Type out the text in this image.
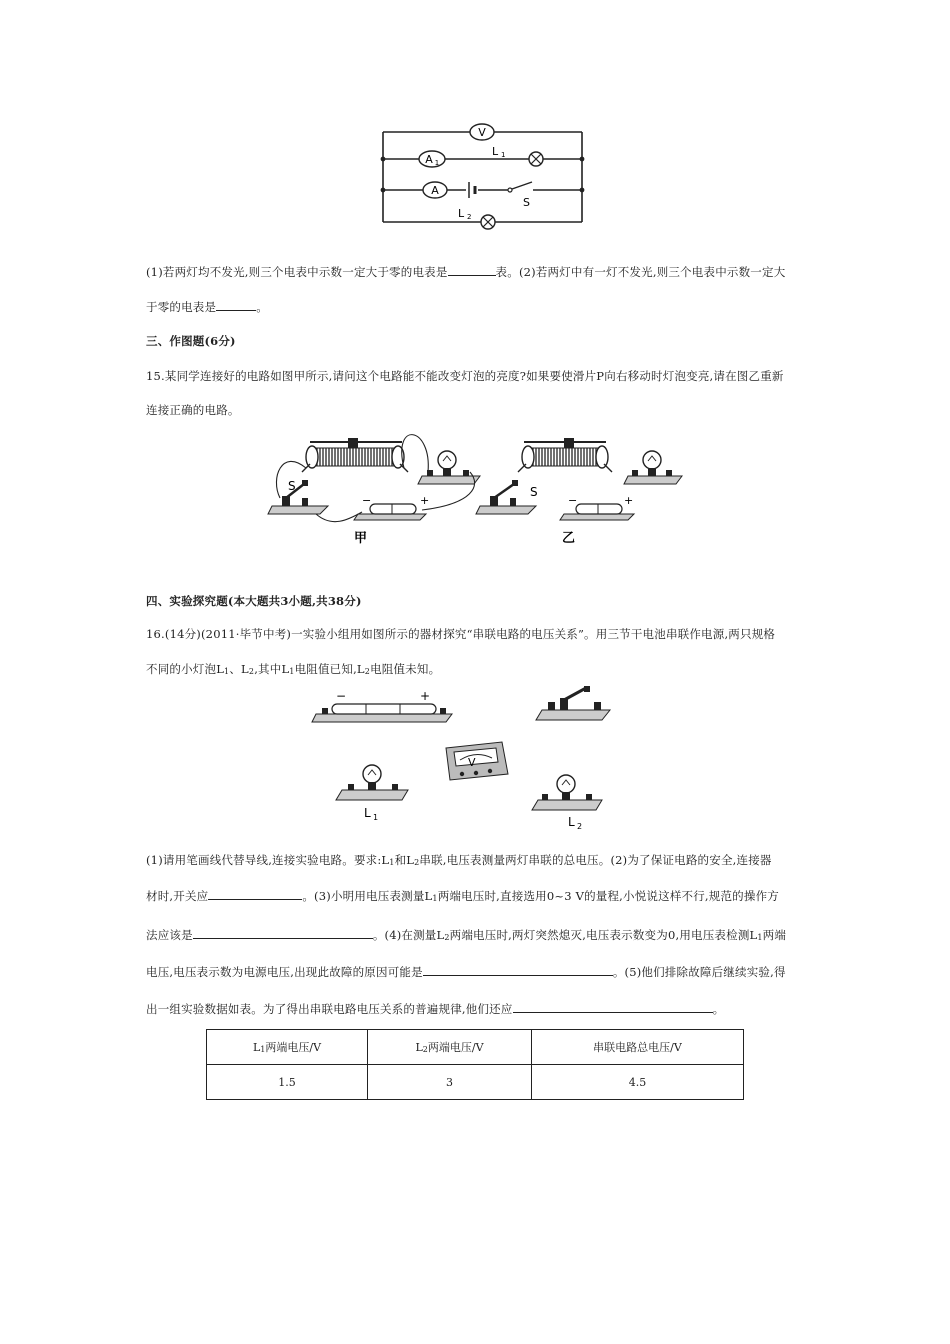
V
A 1
L 1
A
S
L 2
(1)若两灯均不发光,则三个电表中示数一定大于零的电表是	表。(2)若两灯中有一灯不发光,则三个电表中示数一定大
于零的电表是	。
三、作图题(6分)
15.某同学连接好的电路如图甲所示,请问这个电路能不能改变灯泡的亮度?如果要使滑片P向右移动时灯泡变亮,请在图乙重新
连接正确的电路。
S
−	+
甲
S
−	+
乙
四、实验探究题(本大题共3小题,共38分)
16.(14分)(2011·毕节中考)一实验小组用如图所示的器材探究“串联电路的电压关系”。用三节干电池串联作电源,两只规格
不同的小灯泡L1、L2,其中L1电阻值已知,L2电阻值未知。
−	+
V
L 1	L 2
(1)请用笔画线代替导线,连接实验电路。要求:L1和L2串联,电压表测量两灯串联的总电压。(2)为了保证电路的安全,连接器
材时,开关应	。(3)小明用电压表测量L1两端电压时,直接选用0~3 V的量程,小悦说这样不行,规范的操作方
法应该是	。(4)在测量L2两端电压时,两灯突然熄灭,电压表示数变为0,用电压表检测L1两端
电压,电压表示数为电源电压,出现此故障的原因可能是	。(5)他们排除故障后继续实验,得
出一组实验数据如表。为了得出串联电路电压关系的普遍规律,他们还应	。
L1两端电压/V	L2两端电压/V	串联电路总电压/V
1.5	3	4.5
